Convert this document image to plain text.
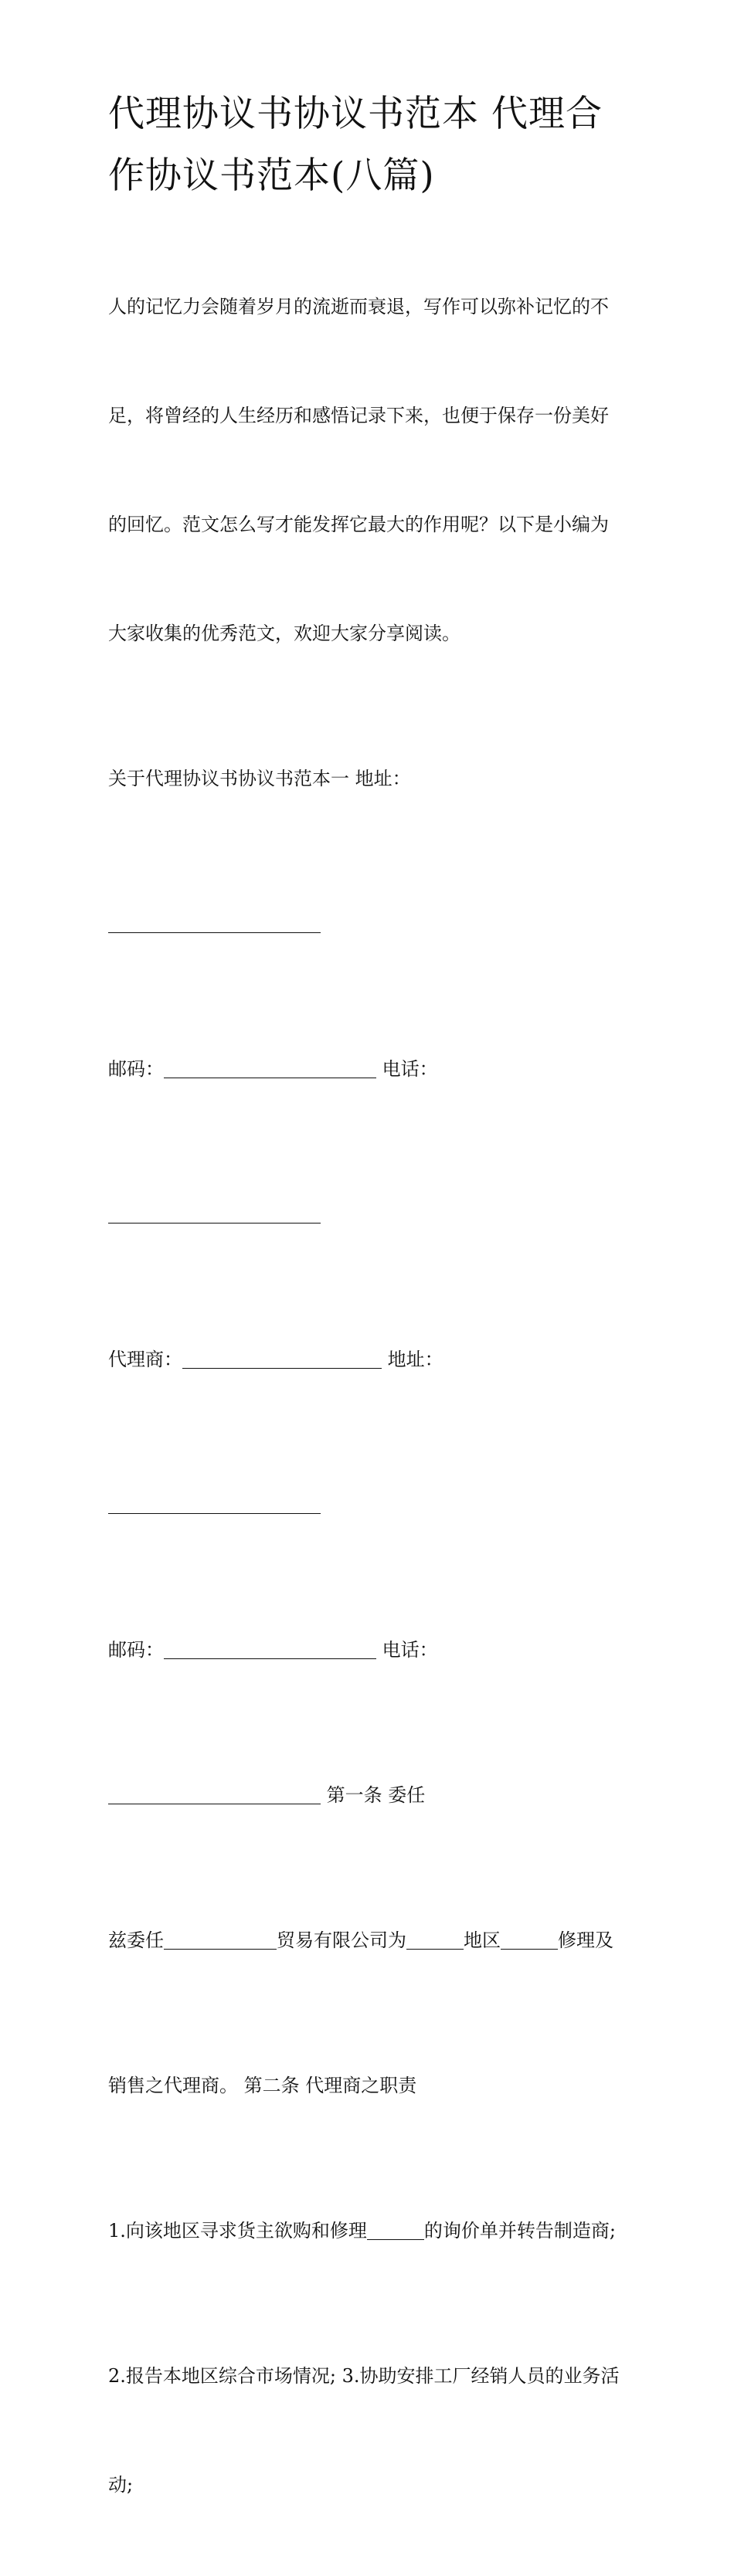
代理协议书协议书范本 代理合
作协议书范本(八篇)

人的记忆力会随着岁月的流逝而衰退，写作可以弥补记忆的不

足，将曾经的人生经历和感悟记录下来，也便于保存一份美好

的回忆。范文怎么写才能发挥它最大的作用呢？以下是小编为

大家收集的优秀范文，欢迎大家分享阅读。

关于代理协议书协议书范本一 地址：

邮码：	电话：

代理商：	地址：

邮码：	电话：

第一条 委任

兹委任	贸易有限公司为	地区	修理及

销售之代理商。 第二条 代理商之职责

1.向该地区寻求货主欲购和修理	的询价单并转告制造商;

2.报告本地区综合市场情况; 3.协助安排工厂经销人员的业务活

动;
